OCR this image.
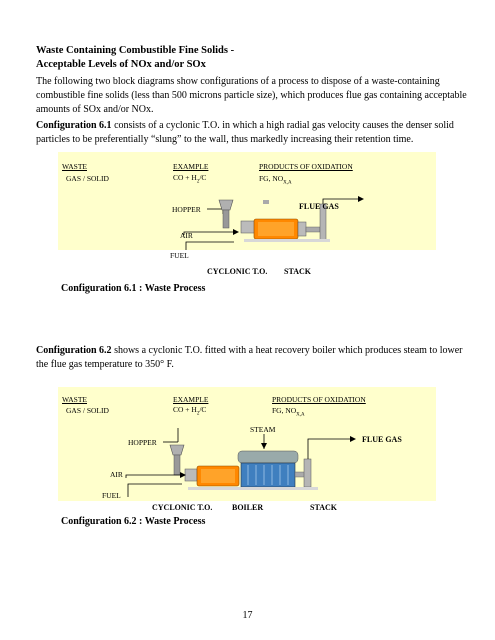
Waste Containing Combustible Fine Solids -
Acceptable Levels of NOx and/or SOx
The following two block diagrams show configurations of a process to dispose of a waste-containing combustible fine solids (less than 500 microns particle size), which produces flue gas containing acceptable amounts of SOx and/or NOx.
Configuration 6.1 consists of a cyclonic T.O. in which a high radial gas velocity causes the denser solid particles to be preferentially “slung” to the wall, thus markedly increasing their retention time.
WASTE
GAS / SOLID
EXAMPLE
CO + $H_2/C$
PRODUCTS OF OXIDATION
FG, $NO_{X,A}$
HOPPER	FLUE GAS
AIR
FUEL
CYCLONIC T.O. STACK
Configuration 6.1 : Waste Process
Configuration 6.2 shows a cyclonic T.O. fitted with a heat recovery boiler which produces steam to lower the flue gas temperature to 350° F.
WASTE
GAS / SOLID
EXAMPLE
CO + $H_2/C$
PRODUCTS OF OXIDATION
FG, $NO_{X,A}$
STEAM
HOPPER	FLUE GAS
AIR
FUEL
CYCLONIC T.O. BOILER	STACK
Configuration 6.2 : Waste Process
17
